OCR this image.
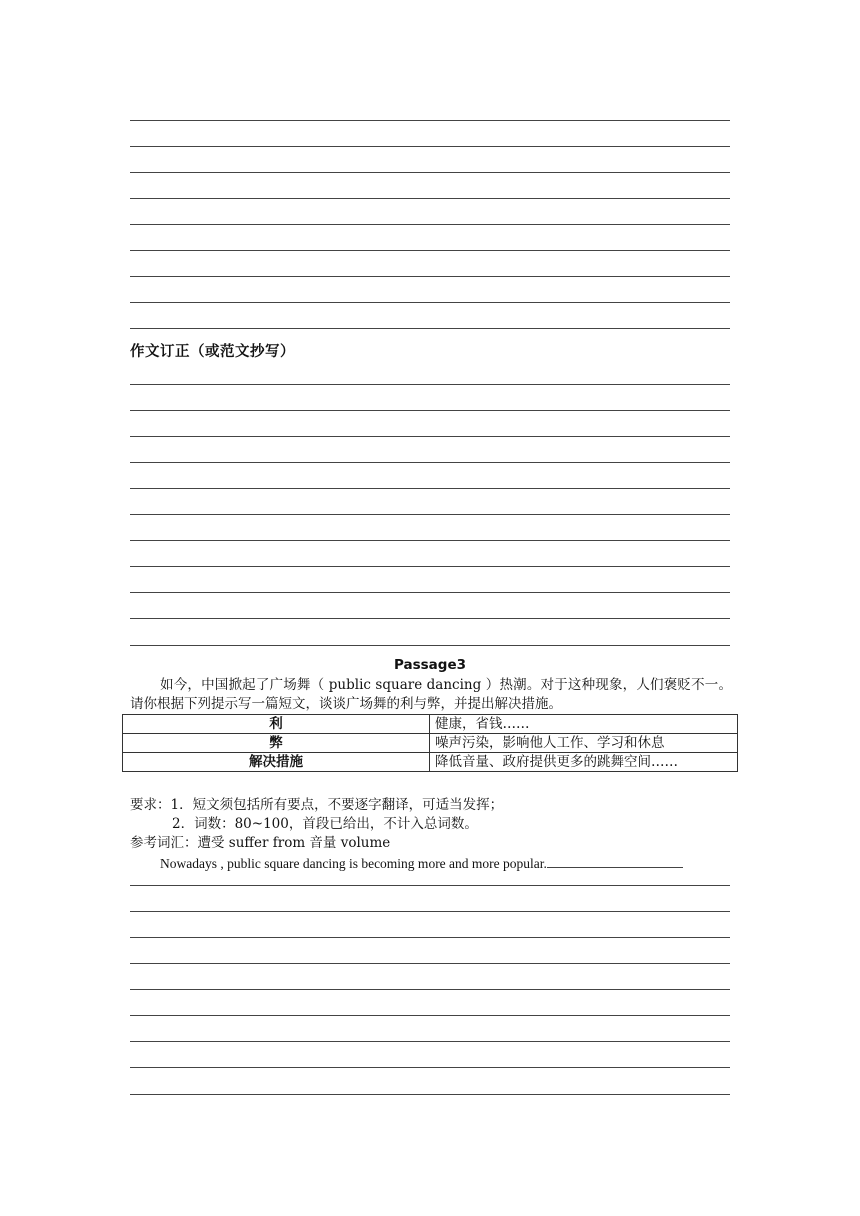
作文订正（或范文抄写）
Passage3
如今，中国掀起了广场舞（ public square dancing ）热潮。对于这种现象，人们褒贬不一。请你根据下列提示写一篇短文，谈谈广场舞的利与弊，并提出解决措施。
利	健康，省钱……
弊	噪声污染，影响他人工作、学习和休息
解决措施	降低音量、政府提供更多的跳舞空间……
要求：1．短文须包括所有要点，不要逐字翻译，可适当发挥；
2．词数：80~100，首段已给出，不计入总词数。
参考词汇：遭受 suffer from 音量 volume
Nowadays , public square dancing is becoming more and more popular.
